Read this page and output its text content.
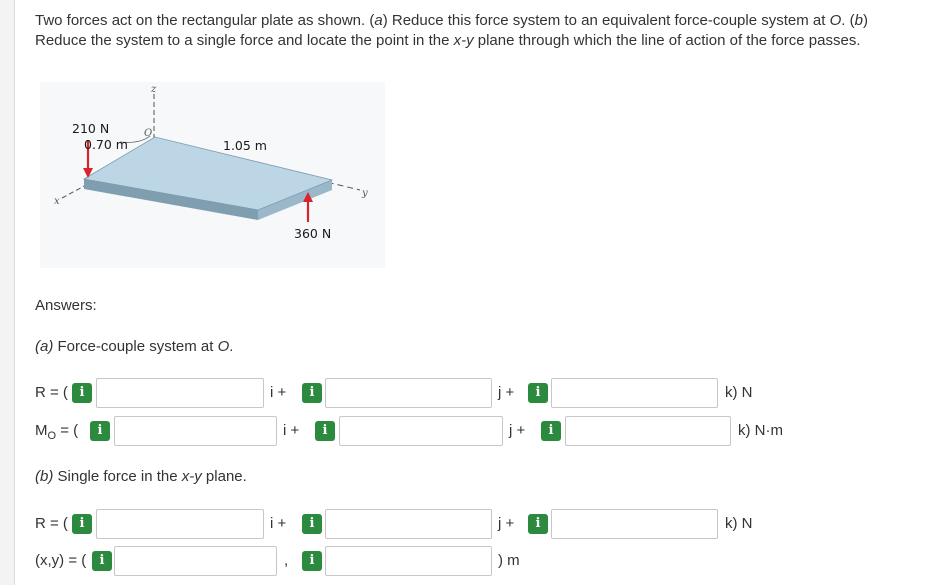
Two forces act on the rectangular plate as shown. (a) Reduce this force system to an equivalent force-couple system at O. (b) Reduce the system to a single force and locate the point in the x-y plane through which the line of action of the force passes.
z
x
y
O
210 N
0.70 m	1.05 m
360 N
Answers:
(a) Force-couple system at O.
R = ( i	i +	i	j +	i	k) N
$M_O$ = (	i	i +	i	j +	i	k) N·m
(b) Single force in the x-y plane.
R = ( i	i +	i	j +	i	k) N
(x,y) = (	i	,	i	) m
